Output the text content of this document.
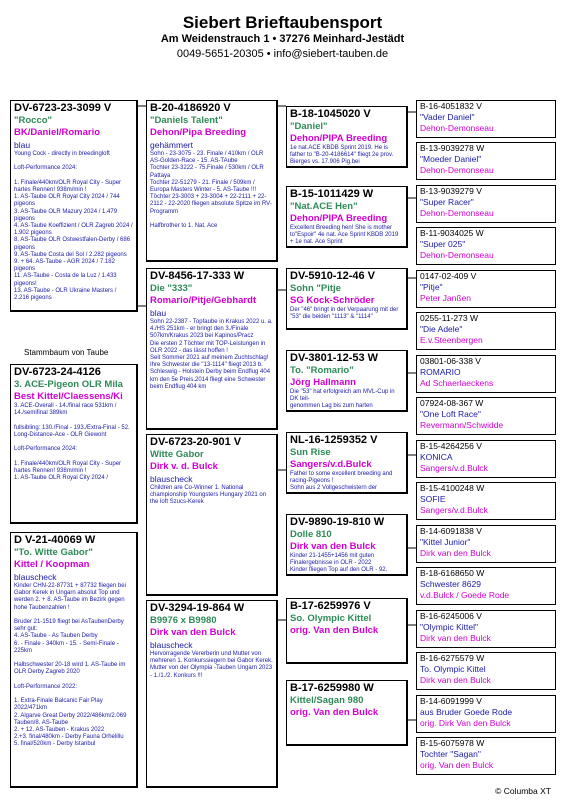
Siebert Brieftaubensport
Am Weidenstrauch 1 • 37276 Meinhard-Jestädt
0049-5651-20305 • info@siebert-tauben.de
DV-6723-23-3099 V
"Rocco"
BK/Daniel/Romario
blau
Young Cock - directly in breedingloft

Loft-Performance 2024:

1. Finale/440km/OLR Royal City - Super hartes Rennen! 938m/min !
1. AS-Taube OLR Royal City 2024 / 744 pigeons
3. AS-Taube OLR Mazury 2024 / 1.479 pigeons
4. AS-Taube Koeffizient / OLR Zagreb 2024 / 1.902 pigeons
8. AS-Taube OLR Ostwestfalen-Derby / 686 pigeons
9. AS-Taube Costa del Sol / 2.282 pigeons
9. + 64. AS-Taube - AGR 2024 / 7.182 pigeons
11. AS-Taube - Costa de la Luz / 1.433 pigeons!
13. AS-Taube - OLR Ukraine Masters / 2.216 pigeons
DV-6723-24-4126
3. ACE-Pigeon OLR Mila
Best Kittel/Claessens/Ki
3. ACE-Overall - 14./final race 531km / 14./semifinal 389km

fullsibling: 130./Final - 193./Extra-Final - 52. Long-Distance-Ace - OLR Giewont

Loft-Performance 2024:

1. Finale/440km/OLR Royal City - Super hartes Rennen! 938m/min !
1. AS-Taube OLR Royal City 2024 /
D V-21-40069 W
"To. Witte Gabor"
Kittel / Koopman
blauscheck
Kinder CHN-22-87731 + 87732 fliegen bei Gabor Kerek in Ungarn absolut Top und werden 2. + 8. AS-Taube im Bezirk gegen hohe Taubenzahlen !

Bruder 21-1519 fliegt bei AsTaubenDerby sehr gut:
4. AS-Taube - As Tauben Derby
6. - Finale - 340km - 15. - Semi-Finale - 225km

Halbschwester 20-18 wird 1. AS-Taube im OLR Derby Zagreb 2020

Loft-Performance 2022:

1. Extra-Finale Balcanic Fair Play 2022/471km
2. Algarve Great Derby 2022/486km/2.069 Tauben/8. AS-Taube
2. + 12. AS-Tauben - Krakus 2022
2.+3. final/480km - Derby Fauna Orhelillu
5. final/520km - Derby Istanbul
B-20-4186920 V
"Daniels Talent"
Dehon/Pipa Breeding
gehämmert
Sohn - 23-3075 - 23. Finale / 410km / OLR AS-Golden-Race - 15. AS-TAube
Tochter 23-3222 - 75.Finale / 530km / OLR Pattaya
Tochter 22-51279 - 21. Finale / 509km / Europa Masters Winter - 5. AS-Taube !!!
Töchter 23-3003 + 23-3004 + 22-2111 + 22-2112 - 22-2020 fliegen absolute Spitze im RV-Programm

Halfbrother to 1. Nat. Ace
DV-8456-17-333 W
Die "333"
Romario/Pitje/Gebhardt
blau
Sohn 22-2387 - Topfaube in Krakus 2022 u. a. 4./HS 251km - er bringt den 3./Finale 507km/Krakus 2023 bei Kapinos/Pracz
Die ersten 2 Töchter mit TOP-Leistungen in OLR 2022 - das lässt hoffen !
Seit Sommer 2021 auf meinem Zuchtschlag! Ihre Schwester die "13-1114" fliegt 2013 b. Schleswig - Holstein Derby beim Endflug 404 km den 5e Preis.2014 fliegt eine Schwester beim Endflug 404 km
DV-6723-20-901 V
Witte Gabor
Dirk v. d. Bulck
blauscheck
Children are Co-Winner 1. National championship Youngsters Hungary 2021 on the loft Szucs-Kerek
DV-3294-19-864 W
B9976 x B9980
Dirk van den Bulck
blauscheck
Hervorragende Vererberin und Mutter von mehreren 1. Konkurssiegern bei Gabor Kerek. Mutter von der Olympia -Tauben Ungarn 2023 - 1./1./2. Konkurs !!!
B-18-1045020 V
"Daniel"
Dehon/PIPA Breeding
1e nat.ACE KBDB Sprint 2019. He is father to "B-20-4186614" fliegt 2e prov. Bierges vs. 17.906 Pig.bei
B-15-1011429 W
"Nat.ACE Hen"
Dehon/PIPA Breeding
Excellent Breeding hen! She is mother to"Espoir" 4e nat. Ace Sprint KBDB 2019 + 1e nat. Ace Sprint
DV-5910-12-46 V
Sohn "Pitje
SG Kock-Schröder
Der "46" bringt in der Verpaarung mit der "53" die beiden "1113" & "1114"
DV-3801-12-53 W
To. "Romario"
Jörg Hallmann
Die "53" hat erfolgreich am MVL-Cup in DK teil-
genommen Lag bis zum harten
NL-16-1259352 V
Sun Rise
Sangers/v.d.Bulck
Father to some excellent breeding and racing-Pigeons !
Sohn aus 2 Vollgeschwistern der
DV-9890-19-810 W
Dolle 810
Dirk van den Bulck
Kinder 21-1455+1456 mit guten Finalergebnisse in OLR - 2022
Kinder fliegen Top auf den OLR - 92.
B-17-6259976 V
So. Olympic Kittel
orig. Van den Bulck
B-17-6259980 W
Kittel/Sagan 980
orig. Van den Bulck
B-16-4051832 V
"Vader Daniel"
Dehon-Demonseau
B-13-9039278 W
"Moeder Daniel"
Dehon-Demonseau
B-13-9039279 V
"Super Racer"
Dehon-Demonseau
B-11-9034025 W
"Super 025"
Dehon-Demonseau
0147-02-409 V
"Pitje"
Peter Janßen
0255-11-273 W
"Die Adele"
E.v.Steenbergen
03801-06-338 V
ROMARIO
Ad Schaerlaeckens
07924-08-367 W
"One Loft Race"
Revermann/Schwidde
B-15-4264256 V
KONICA
Sangers/v.d.Bulck
B-15-4100248 W
SOFIE
Sangers/v.d.Bulck
B-14-6091838 V
"Kittel Junior"
Dirk van den Bulck
B-18-6168650 W
Schwester 8629
v.d.Bulck / Goede Rode
B-16-6245006 V
"Olympic Kittel"
Dirk van den Bulck
B-16-6275579 W
To. Olympic Kittel
Dirk van den Bulck
B-14-6091999 V
aus Bruder Goede Rode
orig. Dirk Van den Bulck
B-15-6075978 W
Tochter "Sagan"
orig. Van den Bulck
Stammbaum von Taube
© Columba XT
